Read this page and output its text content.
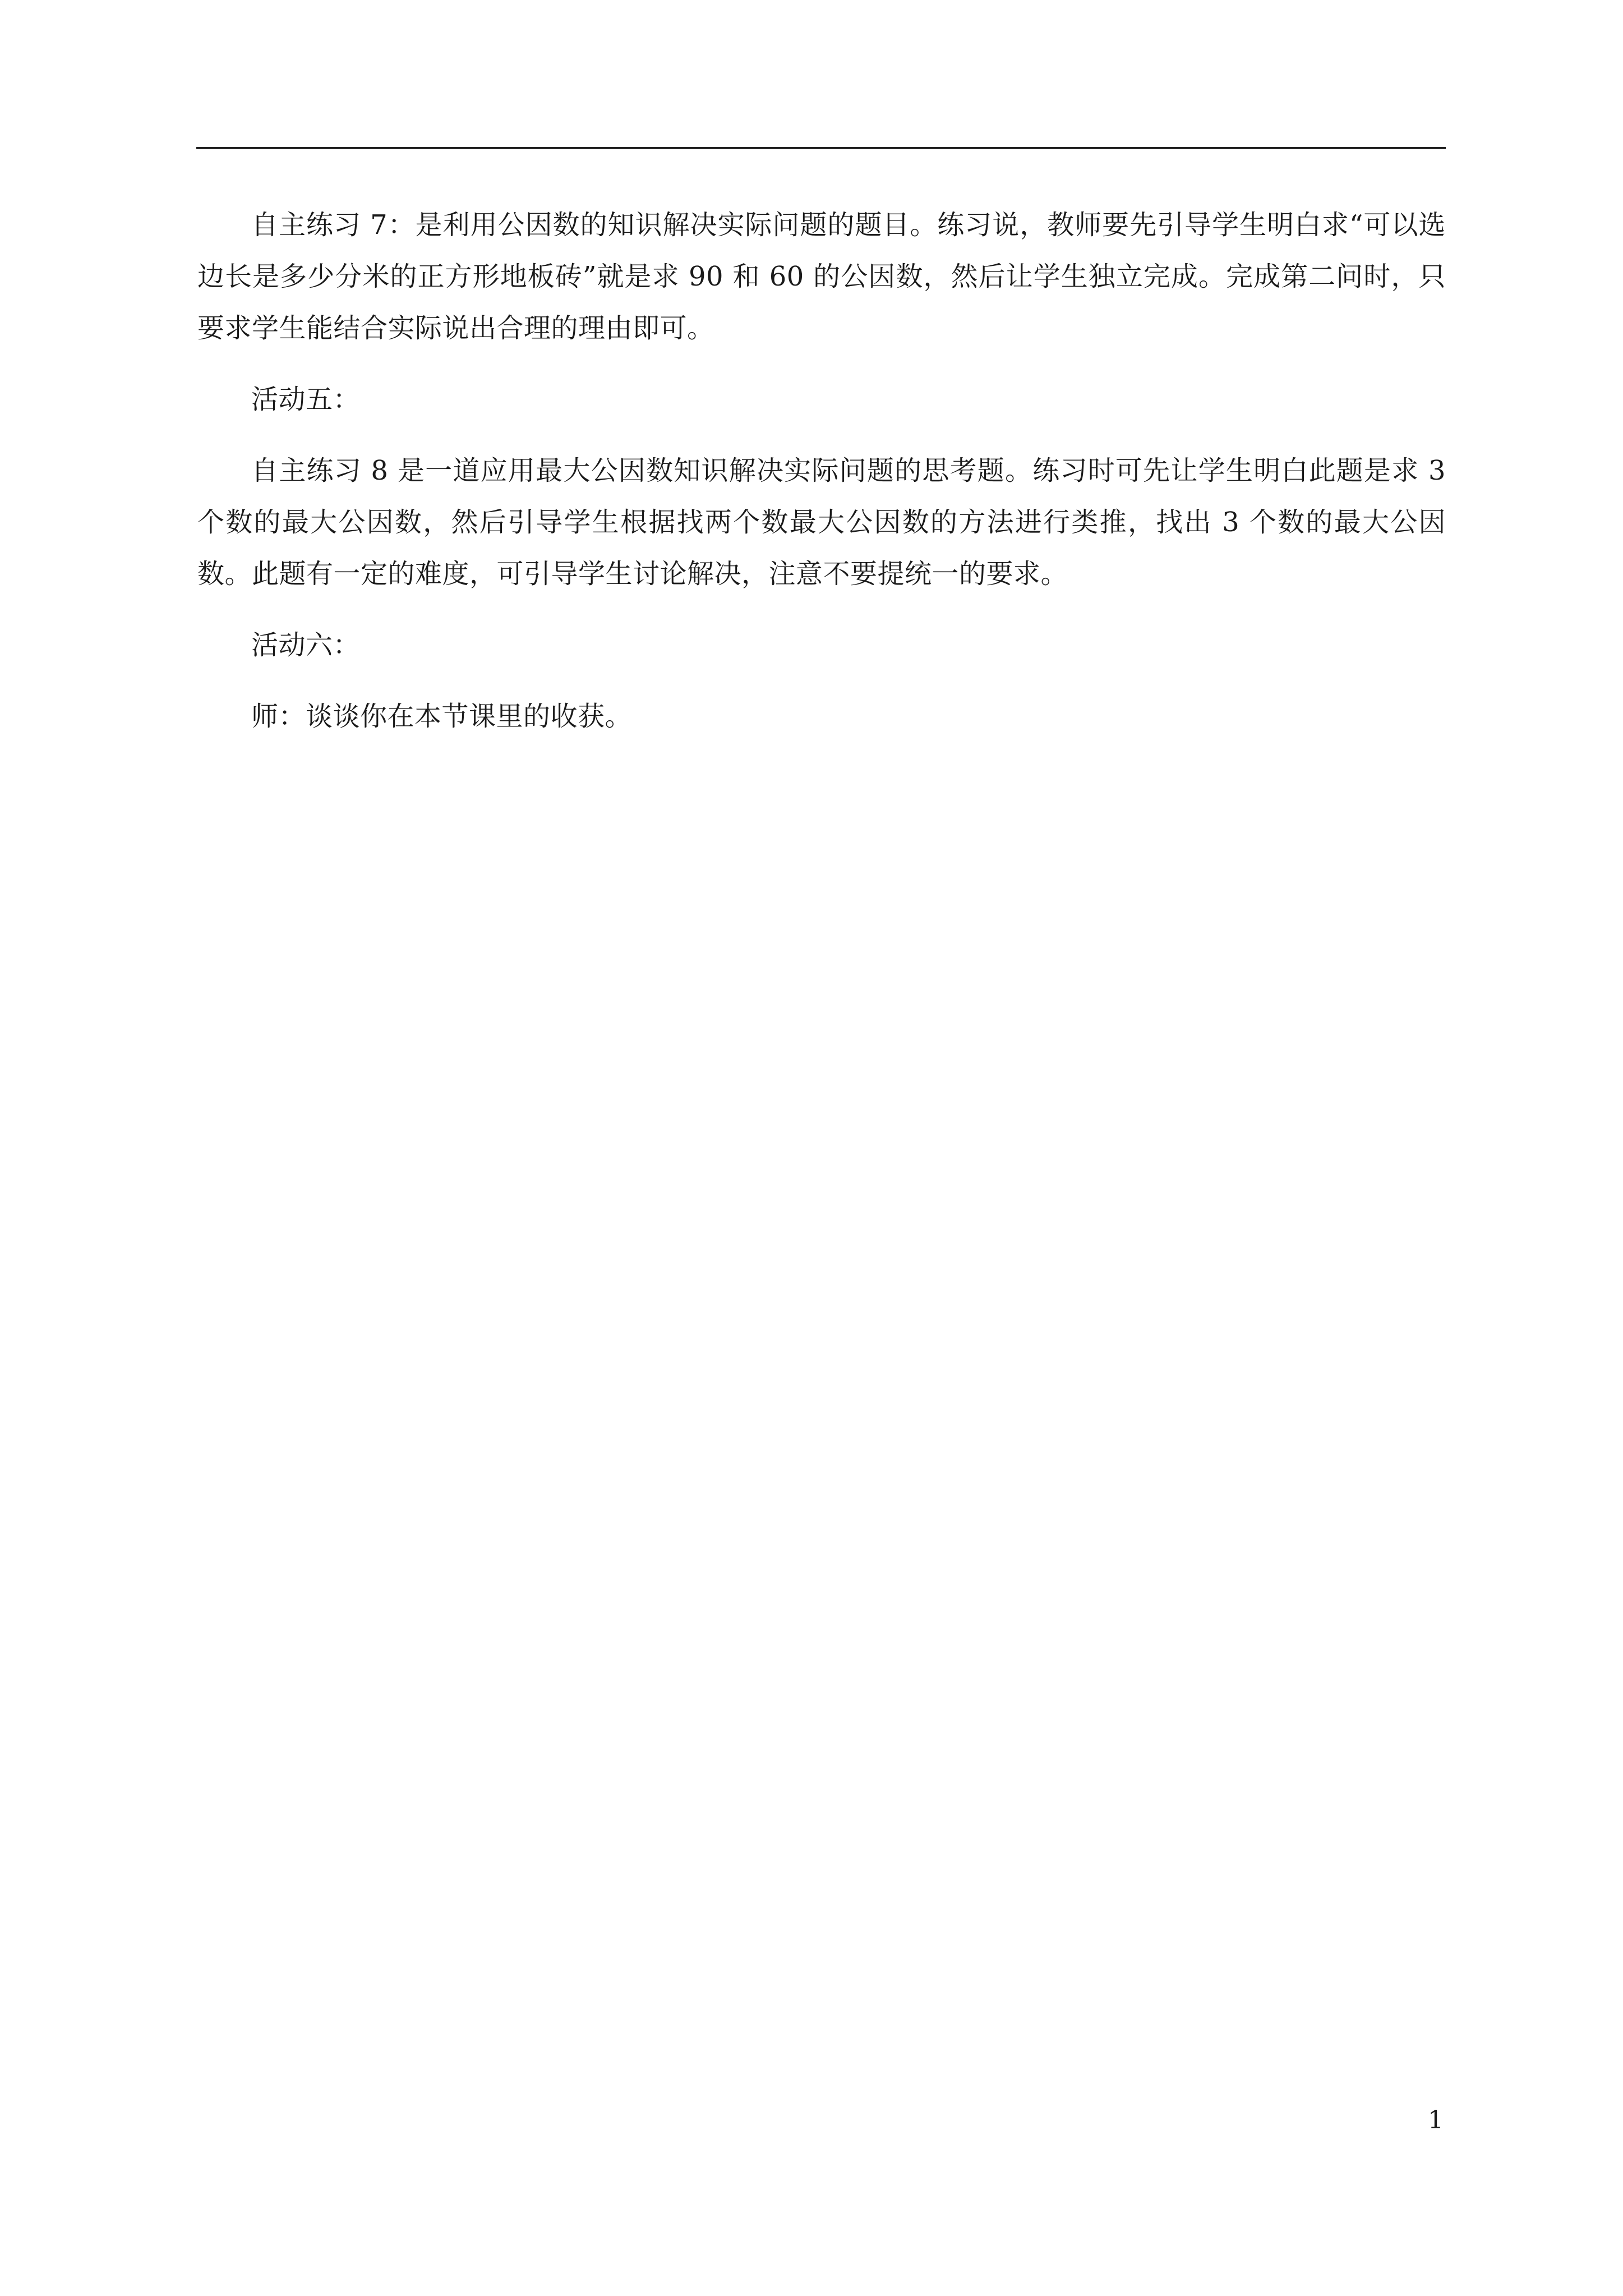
自主练习 7：是利用公因数的知识解决实际问题的题目。练习说，教师要先引导学生明白求“可以选边长是多少分米的正方形地板砖”就是求 90 和 60 的公因数，然后让学生独立完成。完成第二问时，只要求学生能结合实际说出合理的理由即可。

活动五：

自主练习 8 是一道应用最大公因数知识解决实际问题的思考题。练习时可先让学生明白此题是求 3 个数的最大公因数，然后引导学生根据找两个数最大公因数的方法进行类推，找出 3 个数的最大公因数。此题有一定的难度，可引导学生讨论解决，注意不要提统一的要求。

活动六：

师：谈谈你在本节课里的收获。

1
